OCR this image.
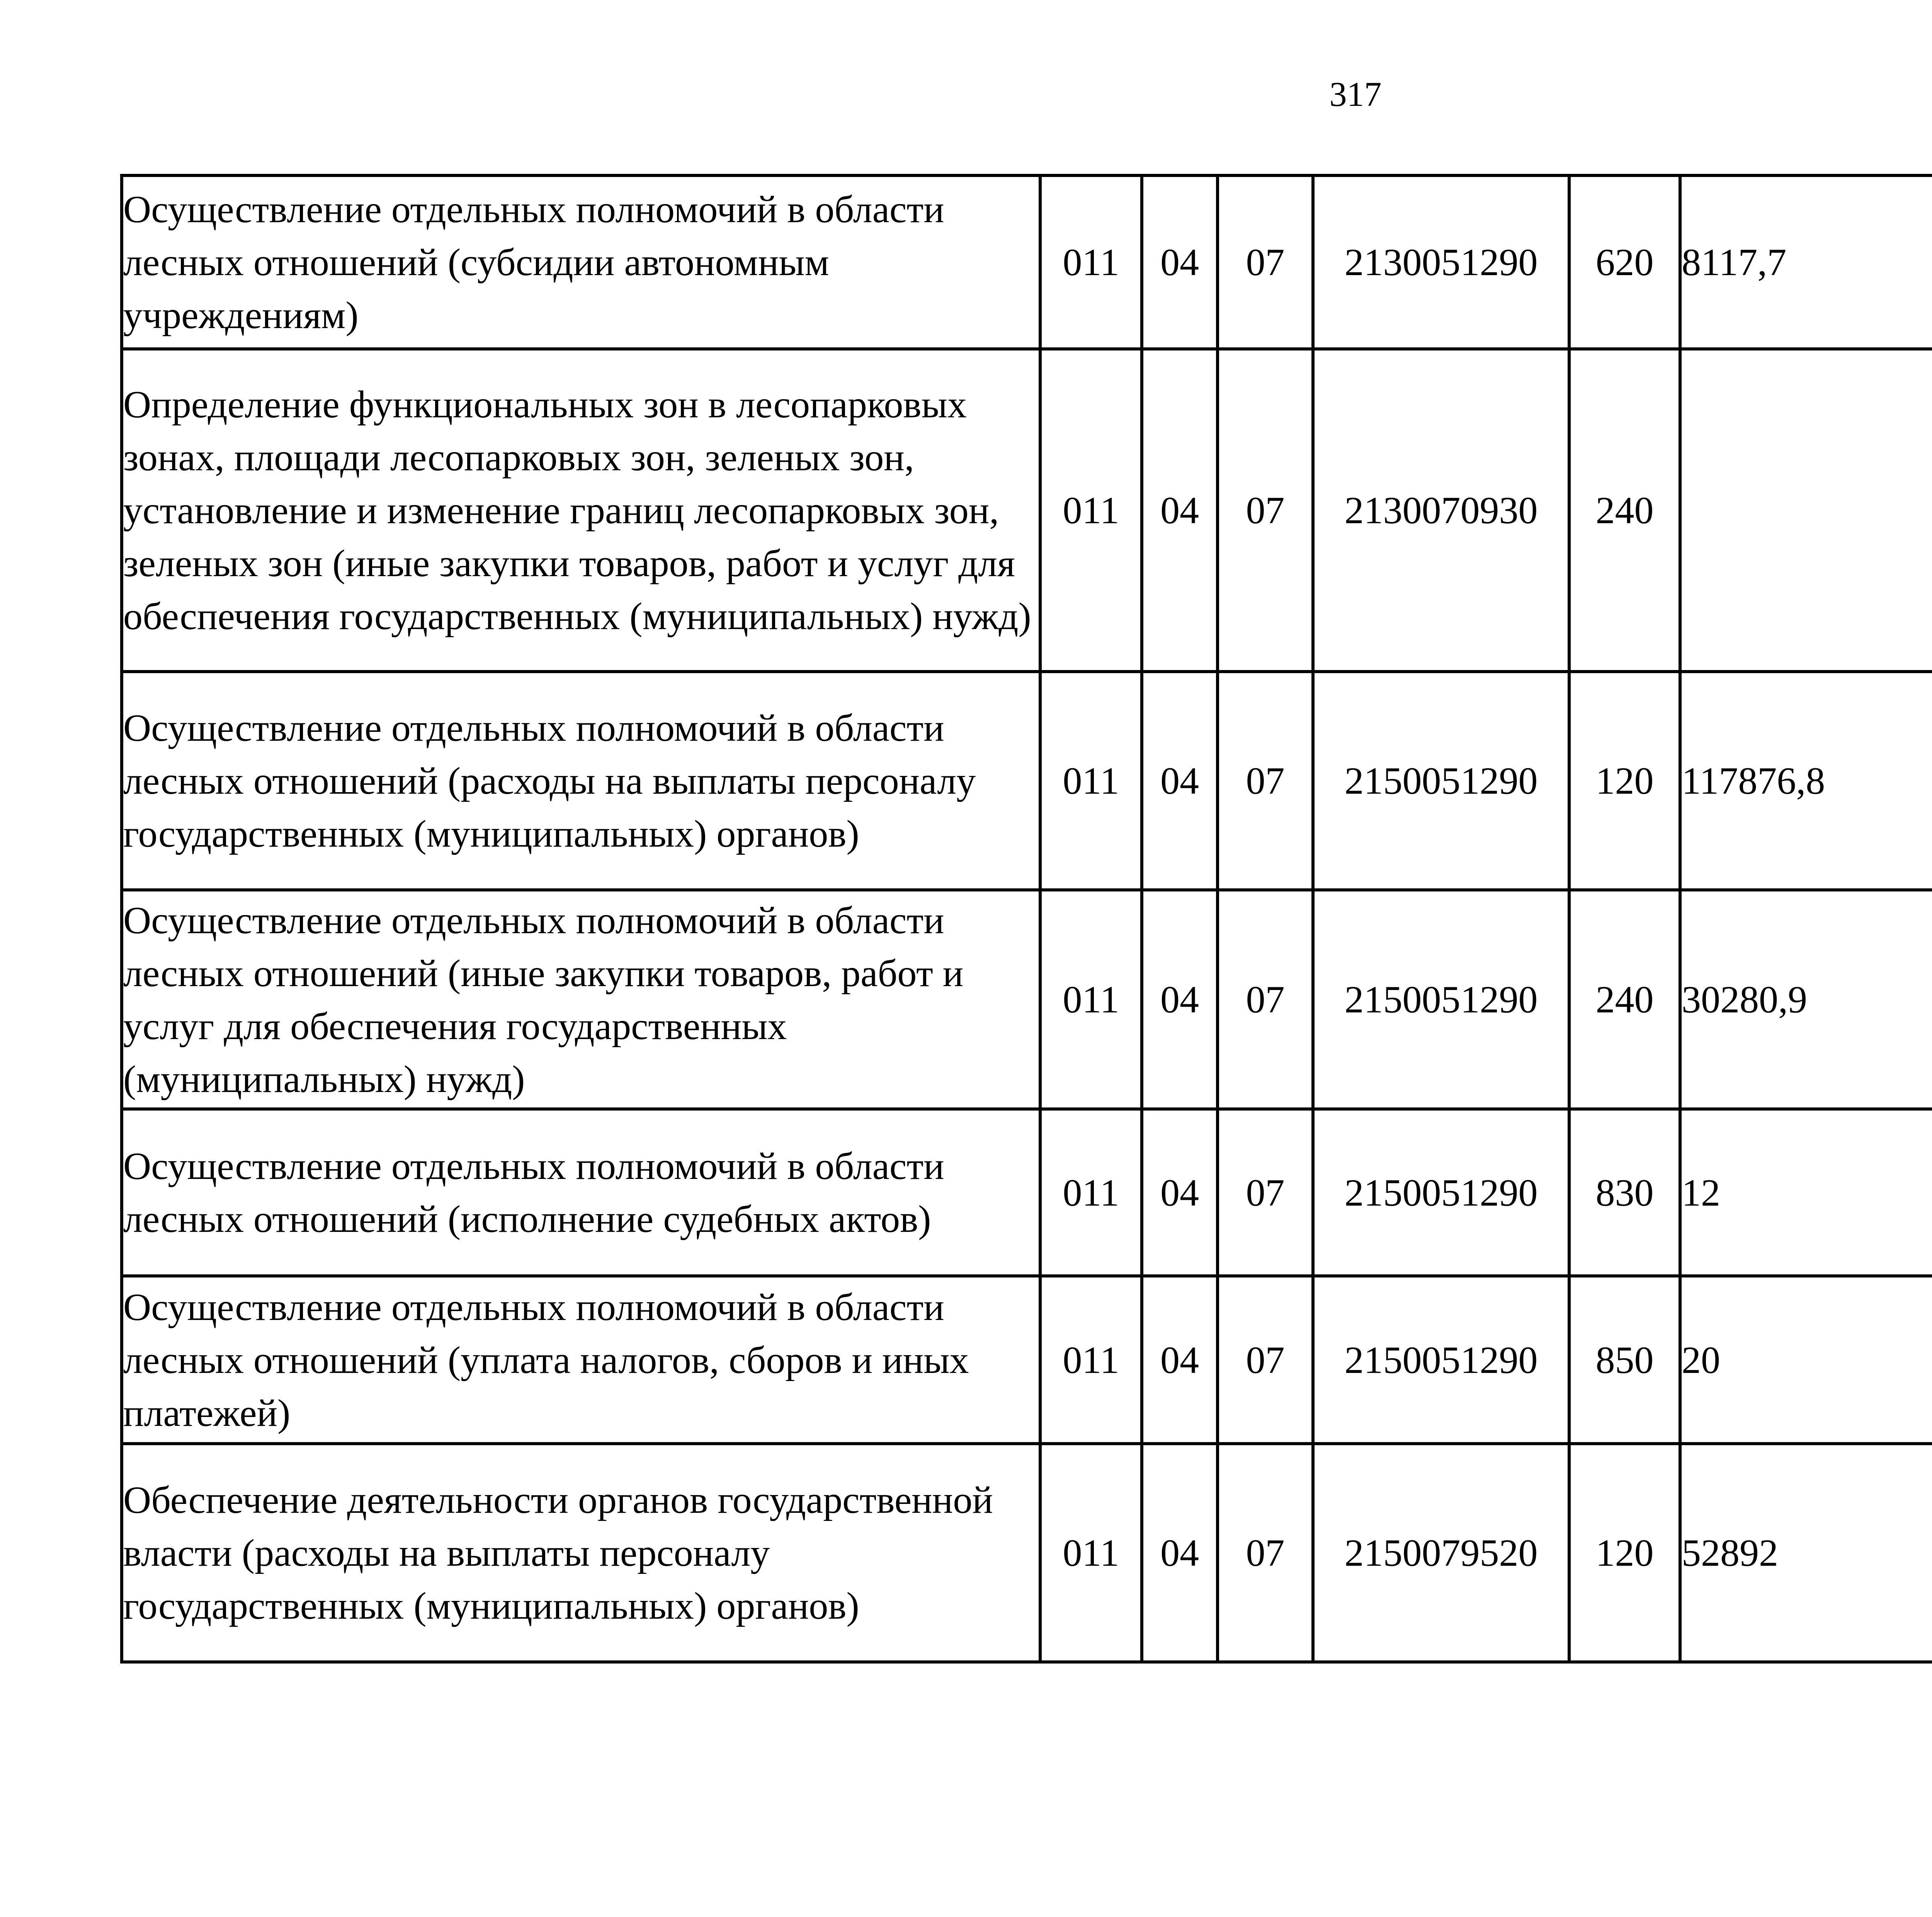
317
Осуществление отдельных полномочий в области лесных отношений (субсидии автономным учреждениям)	011	04	07	2130051290	620	8117,7		
Определение функциональных зон в лесопарковых зонах, площади лесопарковых зон, зеленых зон, установление и изменение границ лесопарковых зон, зеленых зон (иные закупки товаров, работ и услуг для обеспечения государственных (муниципальных) нужд)	011	04	07	2130070930	240			
Осуществление отдельных полномочий в области лесных отношений (расходы на выплаты персоналу государственных (муниципальных) органов)	011	04	07	2150051290	120	117876,8		
Осуществление отдельных полномочий в области лесных отношений (иные закупки товаров, работ и услуг для обеспечения государственных (муниципальных) нужд)	011	04	07	2150051290	240	30280,9		
Осуществление отдельных полномочий в области лесных отношений (исполнение судебных актов)	011	04	07	2150051290	830	12		
Осуществление отдельных полномочий в области лесных отношений (уплата налогов, сборов и иных платежей)	011	04	07	2150051290	850	20		
Обеспечение деятельности органов государственной власти (расходы на выплаты персоналу государственных (муниципальных) органов)	011	04	07	2150079520	120	52892		
